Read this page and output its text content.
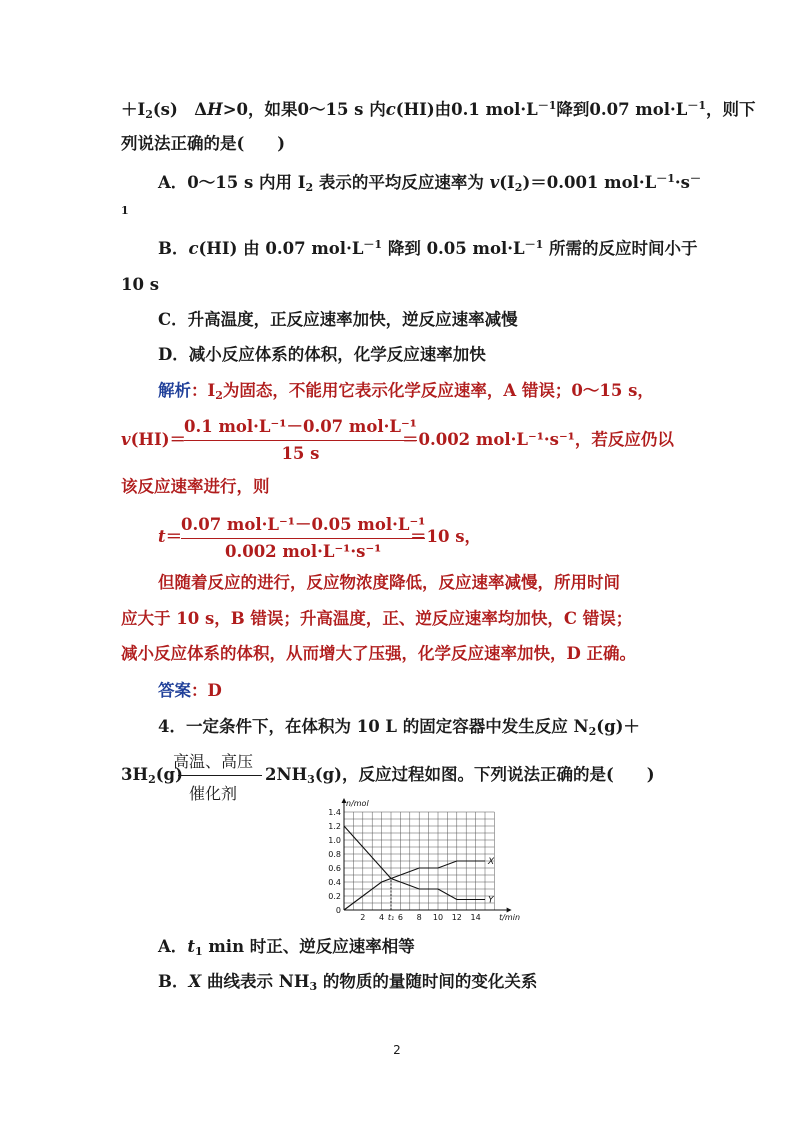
$+I_2(s)$　ΔH>0，如果0～15 s 内c(HI)由0.1 $mol\cdot L^{-1}$降到0.07 $mol\cdot L^{-1}$，则下
列说法正确的是(　　)
A．0～15 s 内用 $I_2$ 表示的平均反应速率为 $v(I_2)=0.001$ $mol\cdot L^{-1}\cdot s^-$
1
B．c(HI) 由 0.07 $mol\cdot L^{-1}$ 降到 0.05 $mol\cdot L^{-1}$ 所需的反应时间小于
10 s
C．升高温度，正反应速率加快，逆反应速率减慢
D．减小反应体系的体积，化学反应速率加快
解析：$I_2$为固态，不能用它表示化学反应速率，A 错误；0～15 s，
v(HI)＝
0.1 mol·L⁻¹－0.07 mol·L⁻¹
15 s
＝0.002 mol·L⁻¹·s⁻¹，若反应仍以
该反应速率进行，则
t＝
0.07 mol·L⁻¹－0.05 mol·L⁻¹
0.002 mol·L⁻¹·s⁻¹
＝10 s，
但随着反应的进行，反应物浓度降低，反应速率减慢，所用时间
应大于 10 s，B 错误；升高温度，正、逆反应速率均加快，C 错误；
减小反应体系的体积，从而增大了压强，化学反应速率加快，D 正确。
答案：D
4．一定条件下，在体积为 10 L 的固定容器中发生反应 $N_2(g)+$
高温、高压
催化剂
$3H_2(g)$	$2NH_3(g)$，反应过程如图。下列说法正确的是(　　)
0
0.2
0.4
0.6
0.8
1.0
1.2
1.4
2 4 t₁ 6 8 10 12 14
n/mol
t/min
X
Y
A．$t_1$ min 时正、逆反应速率相等
B．X 曲线表示 $NH_3$ 的物质的量随时间的变化关系
2
